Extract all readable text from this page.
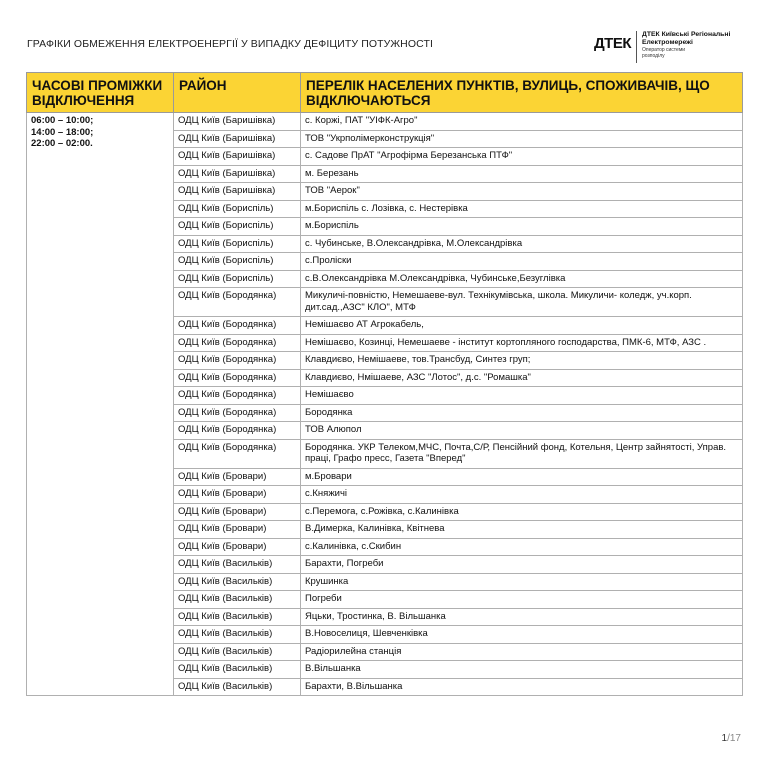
ГРАФІКИ ОБМЕЖЕННЯ ЕЛЕКТРОЕНЕРГІЇ У ВИПАДКУ ДЕФІЦИТУ ПОТУЖНОСТІ	ДТЕК
ДТЕК Київські Регіональні Електромережі
Оператор системи розподілу
ЧАСОВІ ПРОМІЖКИ ВІДКЛЮЧЕННЯ	РАЙОН	ПЕРЕЛІК НАСЕЛЕНИХ ПУНКТІВ, ВУЛИЦЬ, СПОЖИВАЧІВ, ЩО ВІДКЛЮЧАЮТЬСЯ

06:00 – 10:00;
14:00 – 18:00;
22:00 – 02:00.	ОДЦ Київ (Баришівка)	с. Коржі, ПАТ "УІФК-Агро"
	ОДЦ Київ (Баришівка)	ТОВ "Укрполімерконструкція"
	ОДЦ Київ (Баришівка)	с. Садове ПрАТ "Агрофірма Березанська ПТФ"
	ОДЦ Київ (Баришівка)	м. Березань
	ОДЦ Київ (Баришівка)	ТОВ "Аерок"
	ОДЦ Київ (Бориспіль)	м.Бориспіль с. Лозівка, с. Нестерівка
	ОДЦ Київ (Бориспіль)	м.Бориспіль
	ОДЦ Київ (Бориспіль)	с. Чубинське, В.Олександрівка, М.Олександрівка
	ОДЦ Київ (Бориспіль)	с.Пролiски
	ОДЦ Київ (Бориспіль)	с.В.Олександрівка М.Олександрівка, Чубинське,Безуглівка
	ОДЦ Київ (Бородянка)	Микуличі-повністю, Немешаеве-вул. Технікумівська, школа. Микуличи- коледж, уч.корп. дит.сад.,АЗС" КЛО", МТФ
	ОДЦ Київ (Бородянка)	Немішаєво АТ Агрокабель,
	ОДЦ Київ (Бородянка)	Немішаєво, Козинці, Немешаеве - інститут кортопляного господарства, ПМК-6, МТФ, АЗС .
	ОДЦ Київ (Бородянка)	Клавдиєво, Немішаеве, тов.Трансбуд, Синтез груп;
	ОДЦ Київ (Бородянка)	Клавдиєво, Нмішаеве, АЗС "Лотос", д.с. "Ромашка"
	ОДЦ Київ (Бородянка)	Немішаєво
	ОДЦ Київ (Бородянка)	Бородянка
	ОДЦ Київ (Бородянка)	ТОВ Алюпол
	ОДЦ Київ (Бородянка)	Бородянка. УКР Телеком,МЧС, Почта,С/Р, Пенсійний фонд, Котельня, Центр зайнятості, Управ. праці, Графо пресс, Газета "Вперед"
	ОДЦ Київ (Бровари)	м.Бровари
	ОДЦ Київ (Бровари)	с.Княжичі
	ОДЦ Київ (Бровари)	с.Перемога, с.Рожівка, с.Калинівка
	ОДЦ Київ (Бровари)	В.Димерка, Калинівка, Квітнева
	ОДЦ Київ (Бровари)	с.Калинівка, с.Скибин
	ОДЦ Київ (Васильків)	Барахти, Погреби
	ОДЦ Київ (Васильків)	Крушинка
	ОДЦ Київ (Васильків)	Погреби
	ОДЦ Київ (Васильків)	Яцьки, Тростинка, В. Вільшанка
	ОДЦ Київ (Васильків)	В.Новоселиця, Шевченківка
	ОДЦ Київ (Васильків)	Радіорилейна станція
	ОДЦ Київ (Васильків)	В.Вільшанка
	ОДЦ Київ (Васильків)	Барахти, В.Вільшанка
1/17
